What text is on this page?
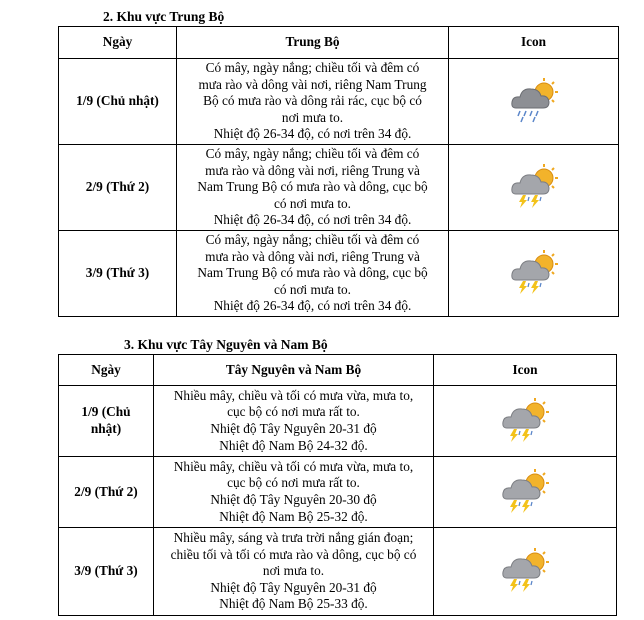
2. Khu vực Trung Bộ
Ngày	Trung Bộ	Icon
1/9 (Chủ nhật)	Có mây, ngày nắng; chiều tối và đêm có
mưa rào và dông vài nơi, riêng Nam Trung
Bộ có mưa rào và dông rải rác, cục bộ có
nơi mưa to.
Nhiệt độ 26-34 độ, có nơi trên 34 độ.

2/9 (Thứ 2)	Có mây, ngày nắng; chiều tối và đêm có
mưa rào và dông vài nơi, riêng Trung và
Nam Trung Bộ có mưa rào và dông, cục bộ
có nơi mưa to.
Nhiệt độ 26-34 độ, có nơi trên 34 độ.

3/9 (Thứ 3)	Có mây, ngày nắng; chiều tối và đêm có
mưa rào và dông vài nơi, riêng Trung và
Nam Trung Bộ có mưa rào và dông, cục bộ
có nơi mưa to.
Nhiệt độ 26-34 độ, có nơi trên 34 độ.

3. Khu vực Tây Nguyên và Nam Bộ
Ngày	Tây Nguyên và Nam Bộ	Icon

1/9 (Chủ
nhật)	Nhiều mây, chiều và tối có mưa vừa, mưa to,
cục bộ có nơi mưa rất to.
Nhiệt độ Tây Nguyên 20-31 độ
Nhiệt độ Nam Bộ 24-32 độ.

2/9 (Thứ 2)	Nhiều mây, chiều và tối có mưa vừa, mưa to,
cục bộ có nơi mưa rất to.
Nhiệt độ Tây Nguyên 20-30 độ
Nhiệt độ Nam Bộ 25-32 độ.

3/9 (Thứ 3)	Nhiều mây, sáng và trưa trời nắng gián đoạn;
chiều tối và tối có mưa rào và dông, cục bộ có
nơi mưa to.
Nhiệt độ Tây Nguyên 20-31 độ
Nhiệt độ Nam Bộ 25-33 độ.
